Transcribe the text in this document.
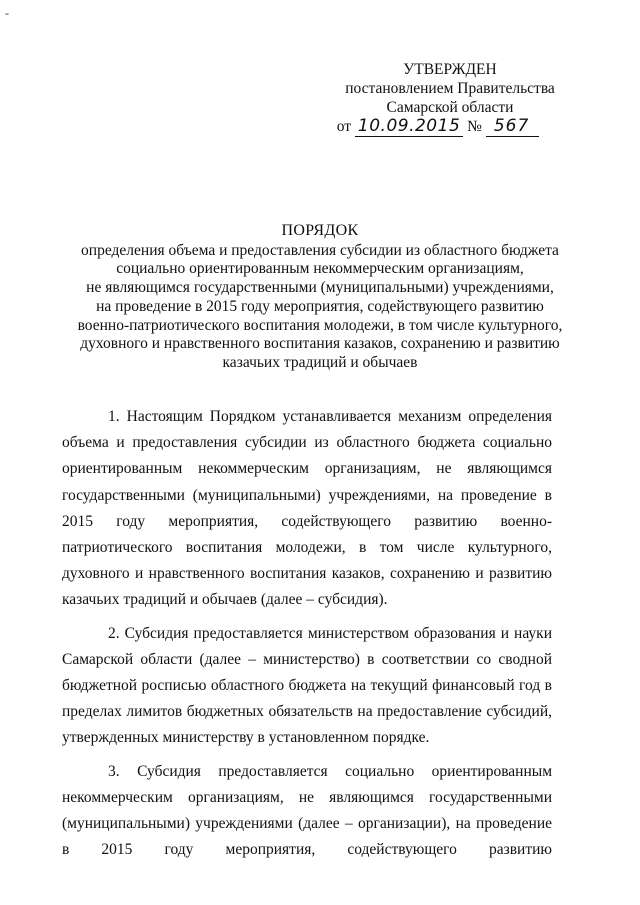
-
УТВЕРЖДЕН
постановлением Правительства
Самарской области
от 10.09.2015 № 567
ПОРЯДОК
определения объема и предоставления субсидии из областного бюджета
социально ориентированным некоммерческим организациям,
не являющимся государственными (муниципальными) учреждениями,
на проведение в 2015 году мероприятия, содействующего развитию
военно-патриотического воспитания молодежи, в том числе культурного,
духовного и нравственного воспитания казаков, сохранению и развитию
казачьих традиций и обычаев

1. Настоящим Порядком устанавливается механизм определения объема и предоставления субсидии из областного бюджета социально ориентированным некоммерческим организациям, не являющимся государственными (муниципальными) учреждениями, на проведение в 2015 году мероприятия, содействующего развитию военно-патриотического воспитания молодежи, в том числе культурного, духовного и нравственного воспитания казаков, сохранению и развитию казачьих традиций и обычаев (далее – субсидия).

2. Субсидия предоставляется министерством образования и науки Самарской области (далее – министерство) в соответствии со сводной бюджетной росписью областного бюджета на текущий финансовый год в пределах лимитов бюджетных обязательств на предоставление субсидий, утвержденных министерству в установленном порядке.

3. Субсидия предоставляется социально ориентированным некоммерческим организациям, не являющимся государственными (муниципальными) учреждениями (далее – организации), на проведение в 2015 году мероприятия, содействующего развитию
